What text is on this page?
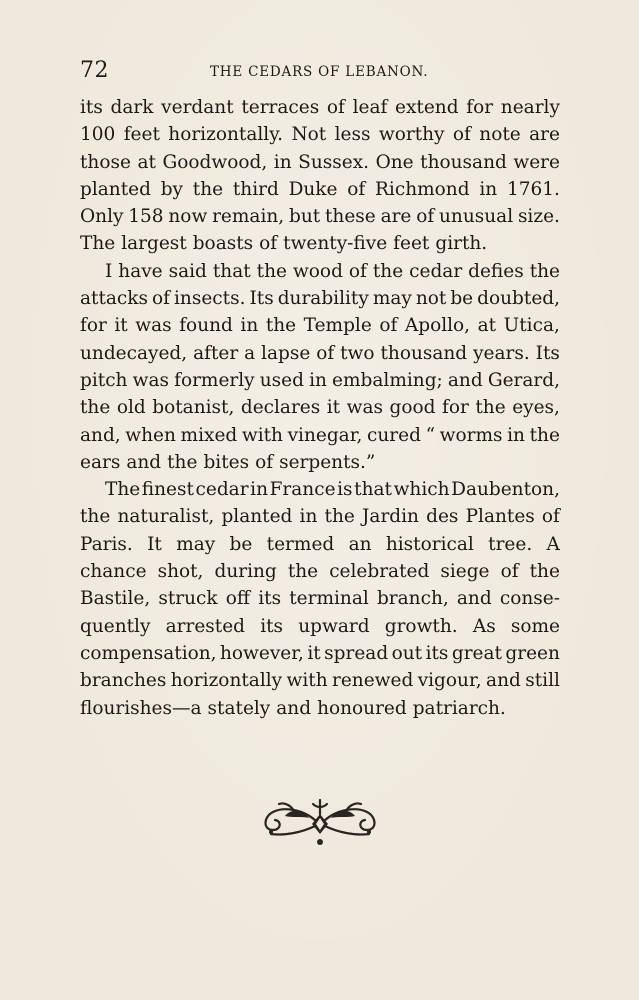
72	THE CEDARS OF LEBANON.
its dark verdant terraces of leaf extend for nearly
100 feet horizontally. Not less worthy of note are
those at Goodwood, in Sussex. One thousand were
planted by the third Duke of Richmond in 1761.
Only 158 now remain, but these are of unusual size.
The largest boasts of twenty-five feet girth.
I have said that the wood of the cedar defies the
attacks of insects. Its durability may not be doubted,
for it was found in the Temple of Apollo, at Utica,
undecayed, after a lapse of two thousand years. Its
pitch was formerly used in embalming; and Gerard,
the old botanist, declares it was good for the eyes,
and, when mixed with vinegar, cured “ worms in the
ears and the bites of serpents.”
The finest cedar in France is that which Daubenton,
the naturalist, planted in the Jardin des Plantes of
Paris. It may be termed an historical tree. A
chance shot, during the celebrated siege of the
Bastile, struck off its terminal branch, and conse-
quently arrested its upward growth. As some
compensation, however, it spread out its great green
branches horizontally with renewed vigour, and still
flourishes—a stately and honoured patriarch.
